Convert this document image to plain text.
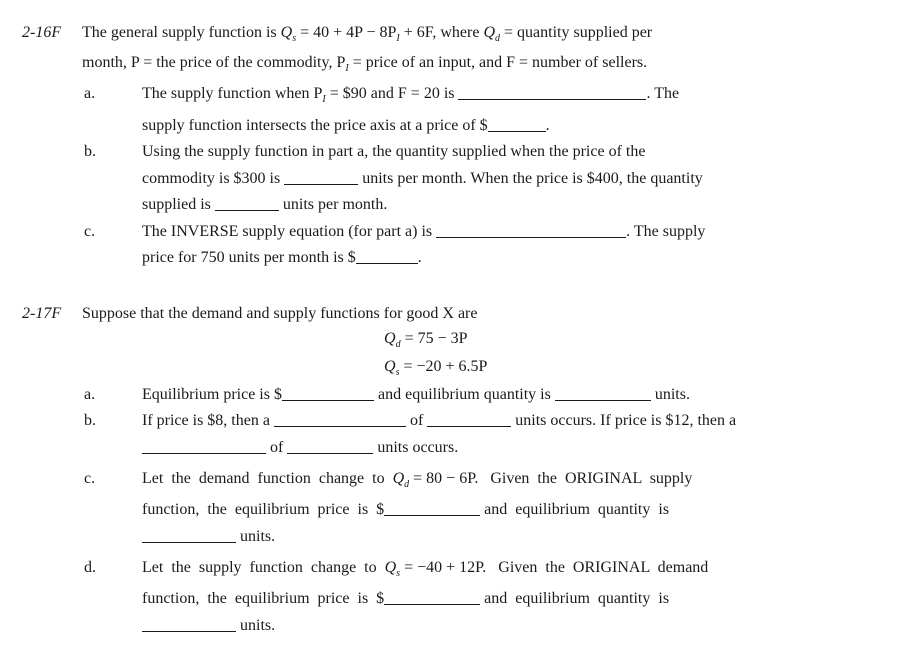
2-16F The general supply function is $Q_s = 40 + 4P - 8P_I + 6F$, where $Q_d$ = quantity supplied per
month, P = the price of the commodity, $P_I$ = price of an input, and F = number of sellers.
a.	The supply function when $P_I$ = $90 and F = 20 is	. The
supply function intersects the price axis at a price of $	.
b.	Using the supply function in part a, the quantity supplied when the price of the
commodity is $300 is	units per month. When the price is $400, the quantity
supplied is	units per month.
c.	The INVERSE supply equation (for part a) is	. The supply
price for 750 units per month is $	.
2-17F Suppose that the demand and supply functions for good X are
$Q_d = 75 - 3P$
$Q_s = -20 + 6.5P$
a.	Equilibrium price is $	and equilibrium quantity is	units.
b.	If price is $8, then a	of	units occurs. If price is $12, then a
of	units occurs.
c.	Let  the  demand  function  change  to  $Q_d = 80 - 6P$.   Given  the  ORIGINAL  supply
function,  the  equilibrium  price  is  $	and  equilibrium  quantity  is
units.
d.	Let  the  supply  function  change  to  $Q_s = -40 + 12P$.   Given  the  ORIGINAL  demand
function,  the  equilibrium  price  is  $	and  equilibrium  quantity  is
units.
